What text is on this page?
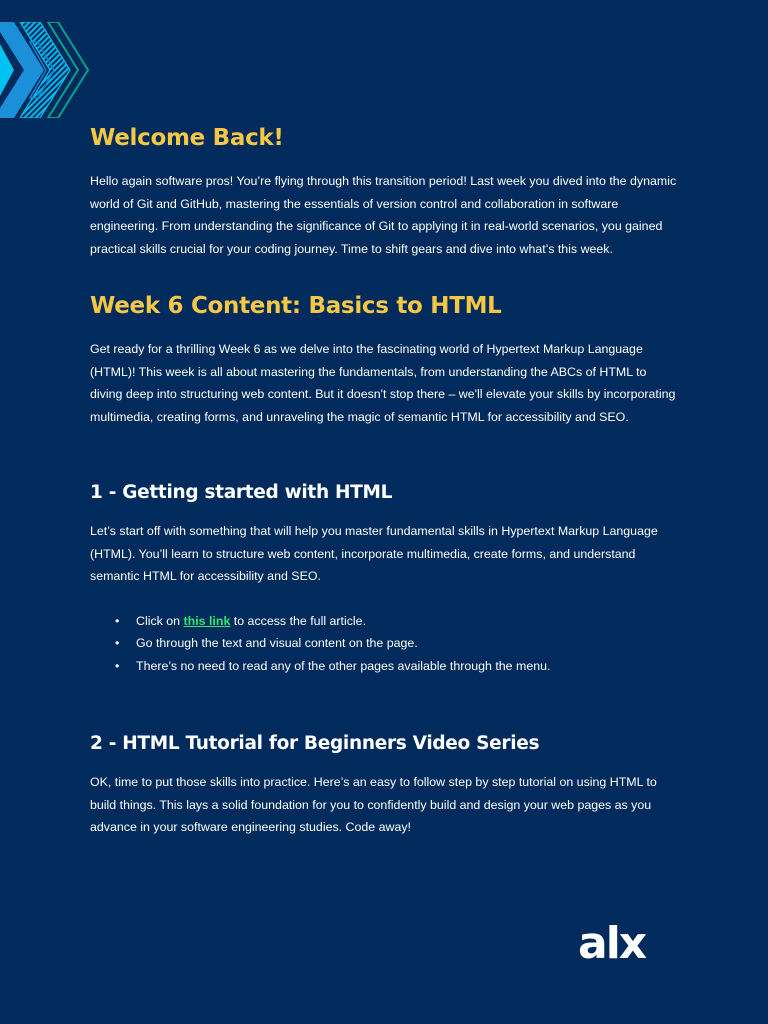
Welcome Back!

Hello again software pros! You’re flying through this transition period! Last week you dived into the dynamic world of Git and GitHub, mastering the essentials of version control and collaboration in software engineering. From understanding the significance of Git to applying it in real-world scenarios, you gained practical skills crucial for your coding journey. Time to shift gears and dive into what’s this week.

Week 6 Content: Basics to HTML

Get ready for a thrilling Week 6 as we delve into the fascinating world of Hypertext Markup Language (HTML)! This week is all about mastering the fundamentals, from understanding the ABCs of HTML to diving deep into structuring web content. But it doesn't stop there – we'll elevate your skills by incorporating multimedia, creating forms, and unraveling the magic of semantic HTML for accessibility and SEO.

1 - Getting started with HTML

Let’s start off with something that will help you master fundamental skills in Hypertext Markup Language (HTML). You’ll learn to structure web content, incorporate multimedia, create forms, and understand semantic HTML for accessibility and SEO.

• Click on this link to access the full article.
• Go through the text and visual content on the page.
• There’s no need to read any of the other pages available through the menu.
2 - HTML Tutorial for Beginners Video Series

OK, time to put those skills into practice. Here’s an easy to follow step by step tutorial on using HTML to build things. This lays a solid foundation for you to confidently build and design your web pages as you advance in your software engineering studies. Code away!

alx
